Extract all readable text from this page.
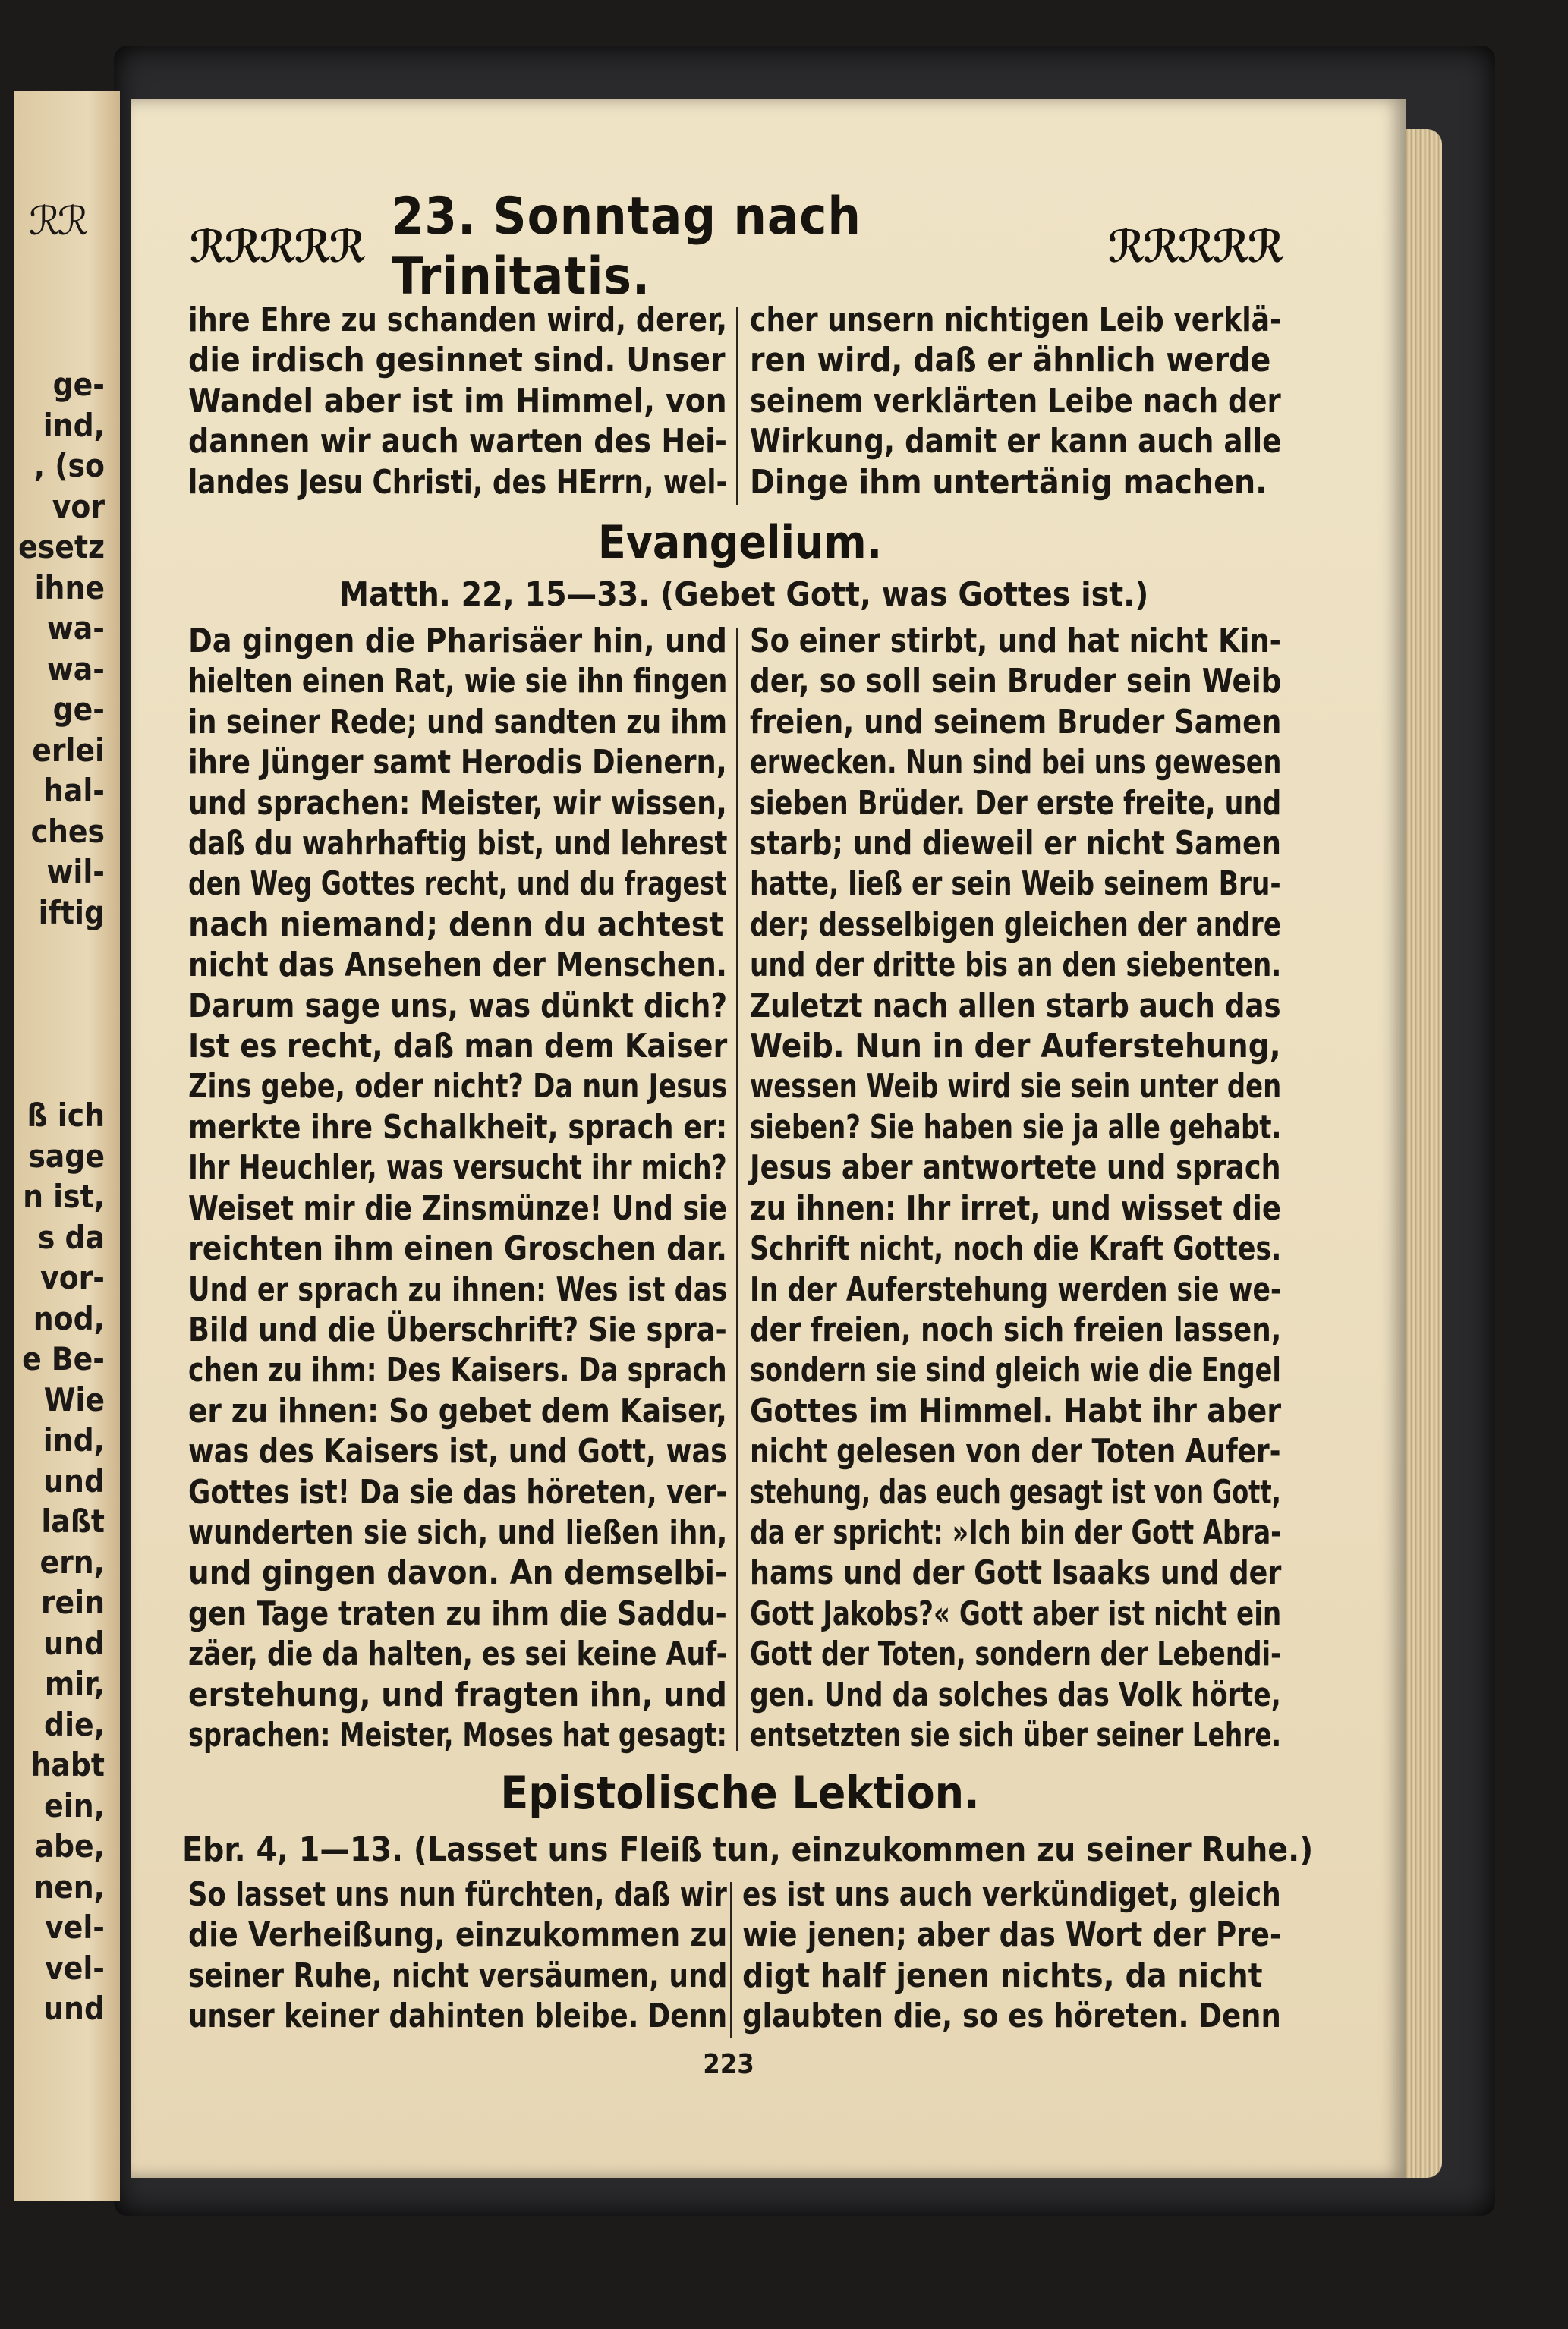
ℛℛ
ge-
ind,
, (so
vor
esetz
ihne
wa-
wa-
ge-
erlei
hal-
ches
wil-
iftig
ß ich
sage
n ist,
s da
vor-
nod,
e Be-
Wie
ind,
und
laßt
ern,
rein
und
mir,
die,
habt
ein,
abe,
nen,
vel-
vel-
und
ℛℛℛℛℛ 23. Sonntag nach Trinitatis.	ℛℛℛℛℛ
ihre Ehre zu schanden wird, derer,
die irdisch gesinnet sind. Unser
Wandel aber ist im Himmel, von
dannen wir auch warten des Hei-
landes Jesu Christi, des HErrn, wel-
cher unsern nichtigen Leib verklä-
ren wird, daß er ähnlich werde
seinem verklärten Leibe nach der
Wirkung, damit er kann auch alle
Dinge ihm untertänig machen.
Evangelium.
Matth. 22, 15—33. (Gebet Gott, was Gottes ist.)
Da gingen die Pharisäer hin, und
hielten einen Rat, wie sie ihn fingen
in seiner Rede; und sandten zu ihm
ihre Jünger samt Herodis Dienern,
und sprachen: Meister, wir wissen,
daß du wahrhaftig bist, und lehrest
den Weg Gottes recht, und du fragest
nach niemand; denn du achtest
nicht das Ansehen der Menschen.
Darum sage uns, was dünkt dich?
Ist es recht, daß man dem Kaiser
Zins gebe, oder nicht? Da nun Jesus
merkte ihre Schalkheit, sprach er:
Ihr Heuchler, was versucht ihr mich?
Weiset mir die Zinsmünze! Und sie
reichten ihm einen Groschen dar.
Und er sprach zu ihnen: Wes ist das
Bild und die Überschrift? Sie spra-
chen zu ihm: Des Kaisers. Da sprach
er zu ihnen: So gebet dem Kaiser,
was des Kaisers ist, und Gott, was
Gottes ist! Da sie das höreten, ver-
wunderten sie sich, und ließen ihn,
und gingen davon. An demselbi-
gen Tage traten zu ihm die Saddu-
zäer, die da halten, es sei keine Auf-
erstehung, und fragten ihn, und
sprachen: Meister, Moses hat gesagt:
So einer stirbt, und hat nicht Kin-
der, so soll sein Bruder sein Weib
freien, und seinem Bruder Samen
erwecken. Nun sind bei uns gewesen
sieben Brüder. Der erste freite, und
starb; und dieweil er nicht Samen
hatte, ließ er sein Weib seinem Bru-
der; desselbigen gleichen der andre
und der dritte bis an den siebenten.
Zuletzt nach allen starb auch das
Weib. Nun in der Auferstehung,
wessen Weib wird sie sein unter den
sieben? Sie haben sie ja alle gehabt.
Jesus aber antwortete und sprach
zu ihnen: Ihr irret, und wisset die
Schrift nicht, noch die Kraft Gottes.
In der Auferstehung werden sie we-
der freien, noch sich freien lassen,
sondern sie sind gleich wie die Engel
Gottes im Himmel. Habt ihr aber
nicht gelesen von der Toten Aufer-
stehung, das euch gesagt ist von Gott,
da er spricht: »Ich bin der Gott Abra-
hams und der Gott Isaaks und der
Gott Jakobs?« Gott aber ist nicht ein
Gott der Toten, sondern der Lebendi-
gen. Und da solches das Volk hörte,
entsetzten sie sich über seiner Lehre.
Epistolische Lektion.
Ebr. 4, 1—13. (Lasset uns Fleiß tun, einzukommen zu seiner Ruhe.)
So lasset uns nun fürchten, daß wir
die Verheißung, einzukommen zu
seiner Ruhe, nicht versäumen, und
unser keiner dahinten bleibe. Denn
es ist uns auch verkündiget, gleich
wie jenen; aber das Wort der Pre-
digt half jenen nichts, da nicht
glaubten die, so es höreten. Denn
223
